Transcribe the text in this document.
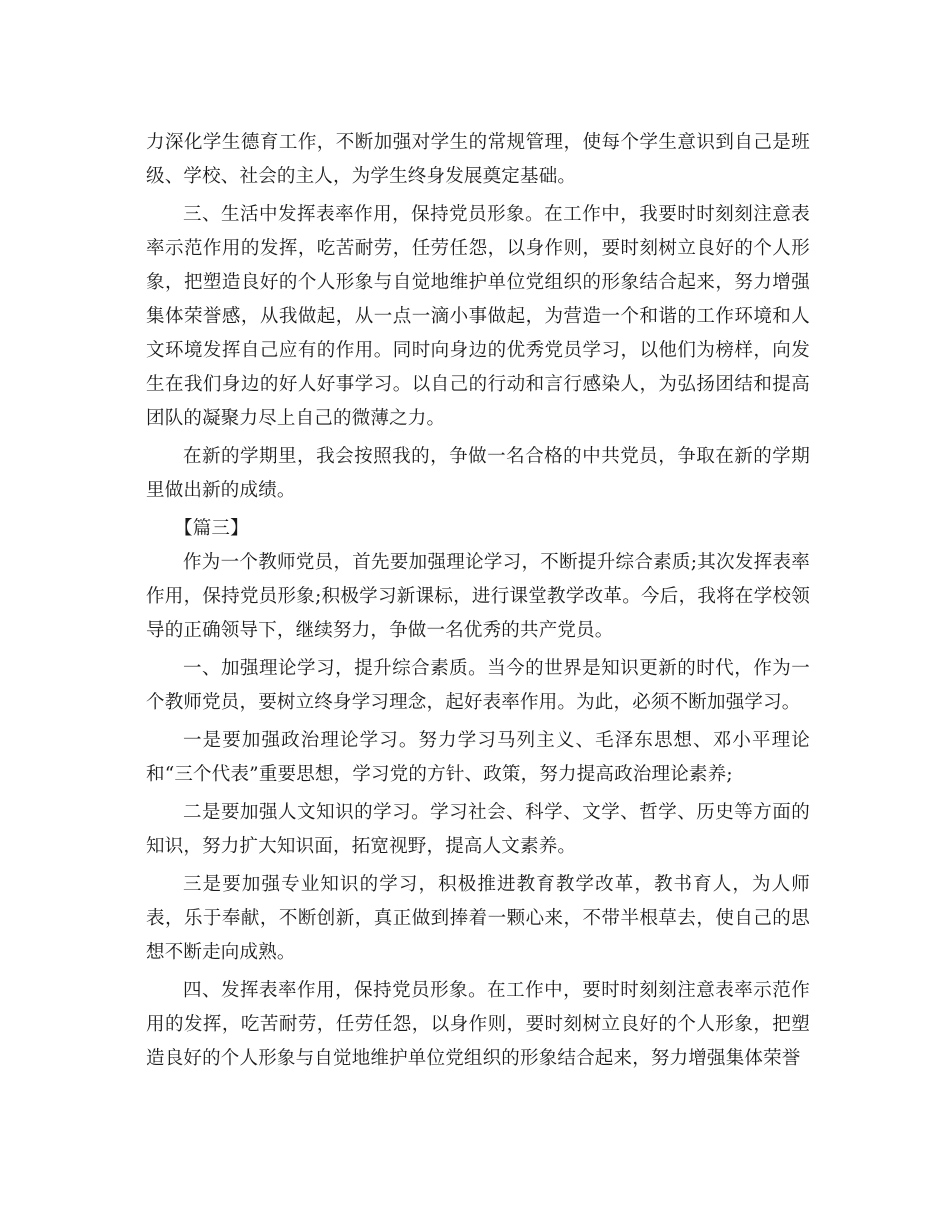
力深化学生德育工作，不断加强对学生的常规管理，使每个学生意识到自己是班级、学校、社会的主人，为学生终身发展奠定基础。

三、生活中发挥表率作用，保持党员形象。在工作中，我要时时刻刻注意表率示范作用的发挥，吃苦耐劳，任劳任怨，以身作则，要时刻树立良好的个人形象，把塑造良好的个人形象与自觉地维护单位党组织的形象结合起来，努力增强集体荣誉感，从我做起，从一点一滴小事做起，为营造一个和谐的工作环境和人文环境发挥自己应有的作用。同时向身边的优秀党员学习，以他们为榜样，向发生在我们身边的好人好事学习。以自己的行动和言行感染人，为弘扬团结和提高团队的凝聚力尽上自己的微薄之力。

在新的学期里，我会按照我的，争做一名合格的中共党员，争取在新的学期里做出新的成绩。

【篇三】

作为一个教师党员，首先要加强理论学习，不断提升综合素质;其次发挥表率作用，保持党员形象;积极学习新课标，进行课堂教学改革。今后，我将在学校领导的正确领导下，继续努力，争做一名优秀的共产党员。

一、加强理论学习，提升综合素质。当今的世界是知识更新的时代，作为一个教师党员，要树立终身学习理念，起好表率作用。为此，必须不断加强学习。

一是要加强政治理论学习。努力学习马列主义、毛泽东思想、邓小平理论和“三个代表”重要思想，学习党的方针、政策，努力提高政治理论素养;

二是要加强人文知识的学习。学习社会、科学、文学、哲学、历史等方面的知识，努力扩大知识面，拓宽视野，提高人文素养。

三是要加强专业知识的学习，积极推进教育教学改革，教书育人，为人师表，乐于奉献，不断创新，真正做到捧着一颗心来，不带半根草去，使自己的思想不断走向成熟。

四、发挥表率作用，保持党员形象。在工作中，要时时刻刻注意表率示范作用的发挥，吃苦耐劳，任劳任怨，以身作则，要时刻树立良好的个人形象，把塑造良好的个人形象与自觉地维护单位党组织的形象结合起来，努力增强集体荣誉
